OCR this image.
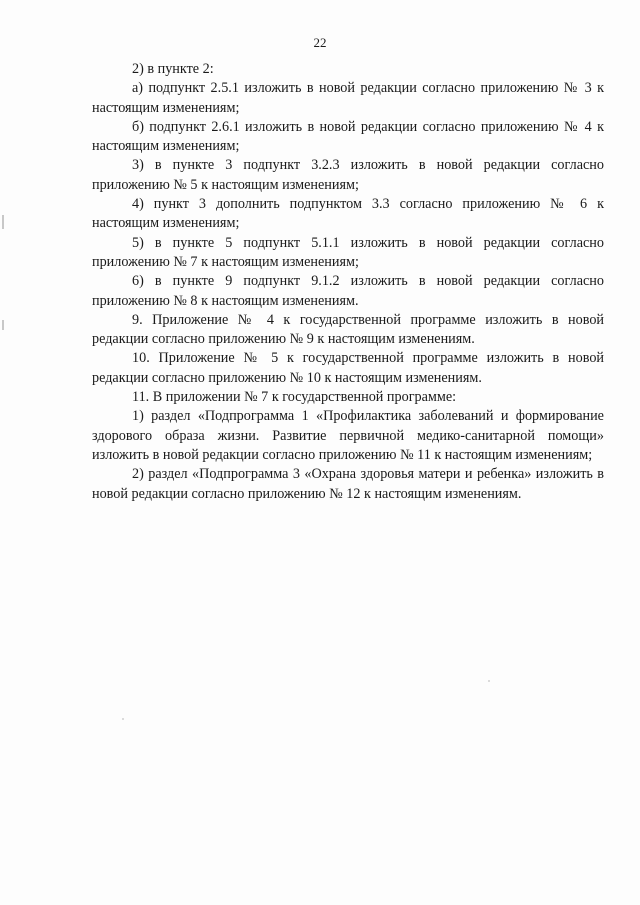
22

2) в пункте 2:

а) подпункт 2.5.1 изложить в новой редакции согласно приложению № 3 к настоящим изменениям;

б) подпункт 2.6.1 изложить в новой редакции согласно приложению № 4 к настоящим изменениям;

3) в пункте 3 подпункт 3.2.3 изложить в новой редакции согласно приложению № 5 к настоящим изменениям;

4) пункт 3 дополнить подпунктом 3.3 согласно приложению № 6 к настоящим изменениям;

5) в пункте 5 подпункт 5.1.1 изложить в новой редакции согласно приложению № 7 к настоящим изменениям;

6) в пункте 9 подпункт 9.1.2 изложить в новой редакции согласно приложению № 8 к настоящим изменениям.

9. Приложение № 4 к государственной программе изложить в новой редакции согласно приложению № 9 к настоящим изменениям.

10. Приложение № 5 к государственной программе изложить в новой редакции согласно приложению № 10 к настоящим изменениям.

11. В приложении № 7 к государственной программе:

1) раздел «Подпрограмма 1 «Профилактика заболеваний и формирование здорового образа жизни. Развитие первичной медико-санитарной помощи» изложить в новой редакции согласно приложению № 11 к настоящим изменениям;

2) раздел «Подпрограмма 3 «Охрана здоровья матери и ребенка» изложить в новой редакции согласно приложению № 12 к настоящим изменениям.
